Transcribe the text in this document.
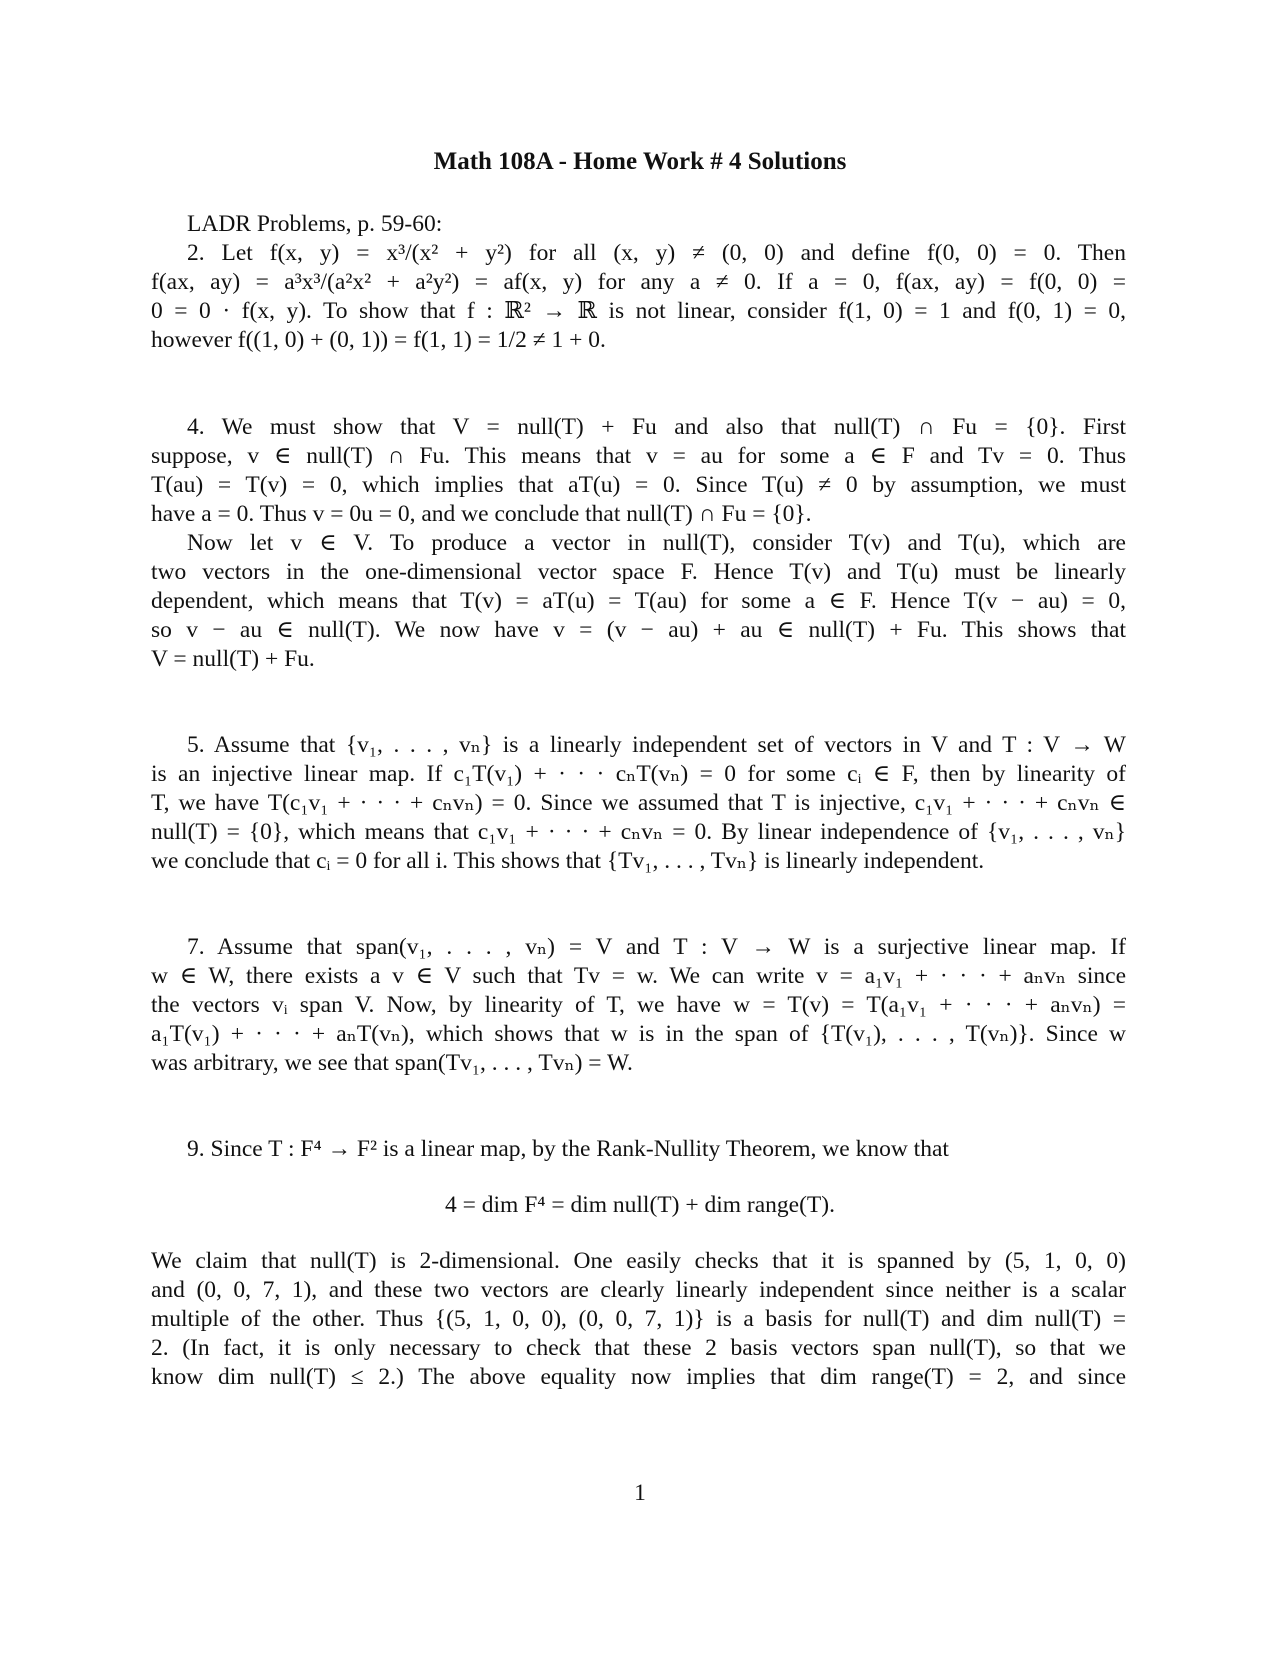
Math 108A - Home Work # 4 Solutions
LADR Problems, p. 59-60:
2. Let f(x, y) = x³/(x² + y²) for all (x, y) ≠ (0, 0) and define f(0, 0) = 0. Then
f(ax, ay) = a³x³/(a²x² + a²y²) = af(x, y) for any a ≠ 0. If a = 0, f(ax, ay) = f(0, 0) =
0 = 0 · f(x, y). To show that f : ℝ² → ℝ is not linear, consider f(1, 0) = 1 and f(0, 1) = 0,
however f((1, 0) + (0, 1)) = f(1, 1) = 1/2 ≠ 1 + 0.
4. We must show that V = null(T) + Fu and also that null(T) ∩ Fu = {0}. First
suppose, v ∈ null(T) ∩ Fu. This means that v = au for some a ∈ F and Tv = 0. Thus
T(au) = T(v) = 0, which implies that aT(u) = 0. Since T(u) ≠ 0 by assumption, we must
have a = 0. Thus v = 0u = 0, and we conclude that null(T) ∩ Fu = {0}.
Now let v ∈ V. To produce a vector in null(T), consider T(v) and T(u), which are
two vectors in the one-dimensional vector space F. Hence T(v) and T(u) must be linearly
dependent, which means that T(v) = aT(u) = T(au) for some a ∈ F. Hence T(v − au) = 0,
so v − au ∈ null(T). We now have v = (v − au) + au ∈ null(T) + Fu. This shows that
V = null(T) + Fu.
5. Assume that {v₁, . . . , vₙ} is a linearly independent set of vectors in V and T : V → W
is an injective linear map. If c₁T(v₁) + · · · cₙT(vₙ) = 0 for some cᵢ ∈ F, then by linearity of
T, we have T(c₁v₁ + · · · + cₙvₙ) = 0. Since we assumed that T is injective, c₁v₁ + · · · + cₙvₙ ∈
null(T) = {0}, which means that c₁v₁ + · · · + cₙvₙ = 0. By linear independence of {v₁, . . . , vₙ}
we conclude that cᵢ = 0 for all i. This shows that {Tv₁, . . . , Tvₙ} is linearly independent.
7. Assume that span(v₁, . . . , vₙ) = V and T : V → W is a surjective linear map. If
w ∈ W, there exists a v ∈ V such that Tv = w. We can write v = a₁v₁ + · · · + aₙvₙ since
the vectors vᵢ span V. Now, by linearity of T, we have w = T(v) = T(a₁v₁ + · · · + aₙvₙ) =
a₁T(v₁) + · · · + aₙT(vₙ), which shows that w is in the span of {T(v₁), . . . , T(vₙ)}. Since w
was arbitrary, we see that span(Tv₁, . . . , Tvₙ) = W.
9. Since T : F⁴ → F² is a linear map, by the Rank-Nullity Theorem, we know that
4 = dim F⁴ = dim null(T) + dim range(T).
We claim that null(T) is 2-dimensional. One easily checks that it is spanned by (5, 1, 0, 0)
and (0, 0, 7, 1), and these two vectors are clearly linearly independent since neither is a scalar
multiple of the other. Thus {(5, 1, 0, 0), (0, 0, 7, 1)} is a basis for null(T) and dim null(T) =
2. (In fact, it is only necessary to check that these 2 basis vectors span null(T), so that we
know dim null(T) ≤ 2.) The above equality now implies that dim range(T) = 2, and since
1
